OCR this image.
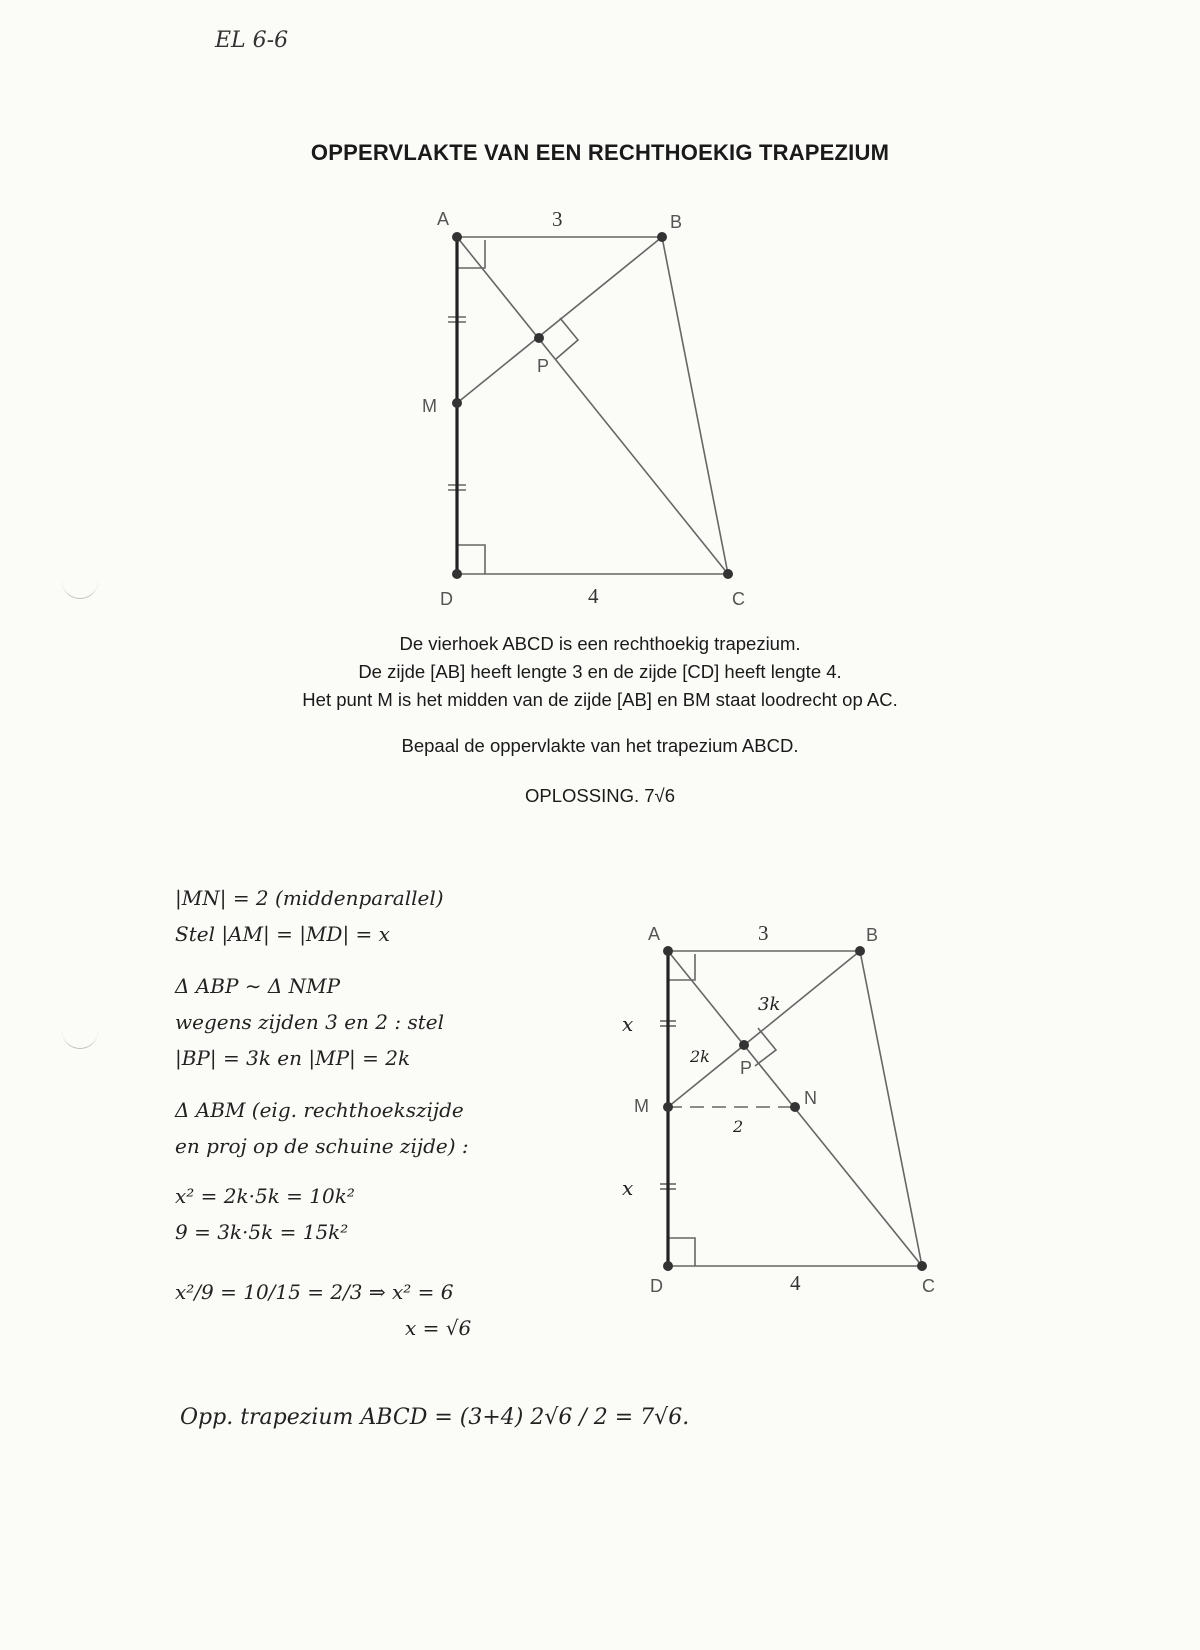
EL 6-6
OPPERVLAKTE VAN EEN RECHTHOEKIG TRAPEZIUM
A	B
C
D
M
P
3
4

De vierhoek ABCD is een rechthoekig trapezium.

De zijde [AB] heeft lengte 3 en de zijde [CD] heeft lengte 4.

Het punt M is het midden van de zijde [AB] en BM staat loodrecht op AC.

Bepaal de oppervlakte van het trapezium ABCD.

OPLOSSING. 7√6

A	B
C
D
M
P
N
3
4
3k
2k
2
x
x
|MN| = 2 (middenparallel)
Stel |AM| = |MD| = x
Δ ABP ∼ Δ NMP
wegens zijden 3 en 2 : stel
|BP| = 3k en |MP| = 2k
Δ ABM (eig. rechthoekszijde
en proj op de schuine zijde) :
x² = 2k·5k = 10k²
9 = 3k·5k = 15k²
x²/9 = 10/15 = 2/3 ⇒ x² = 6
x = √6
Opp. trapezium ABCD = (3+4) 2√6 / 2 = 7√6.
